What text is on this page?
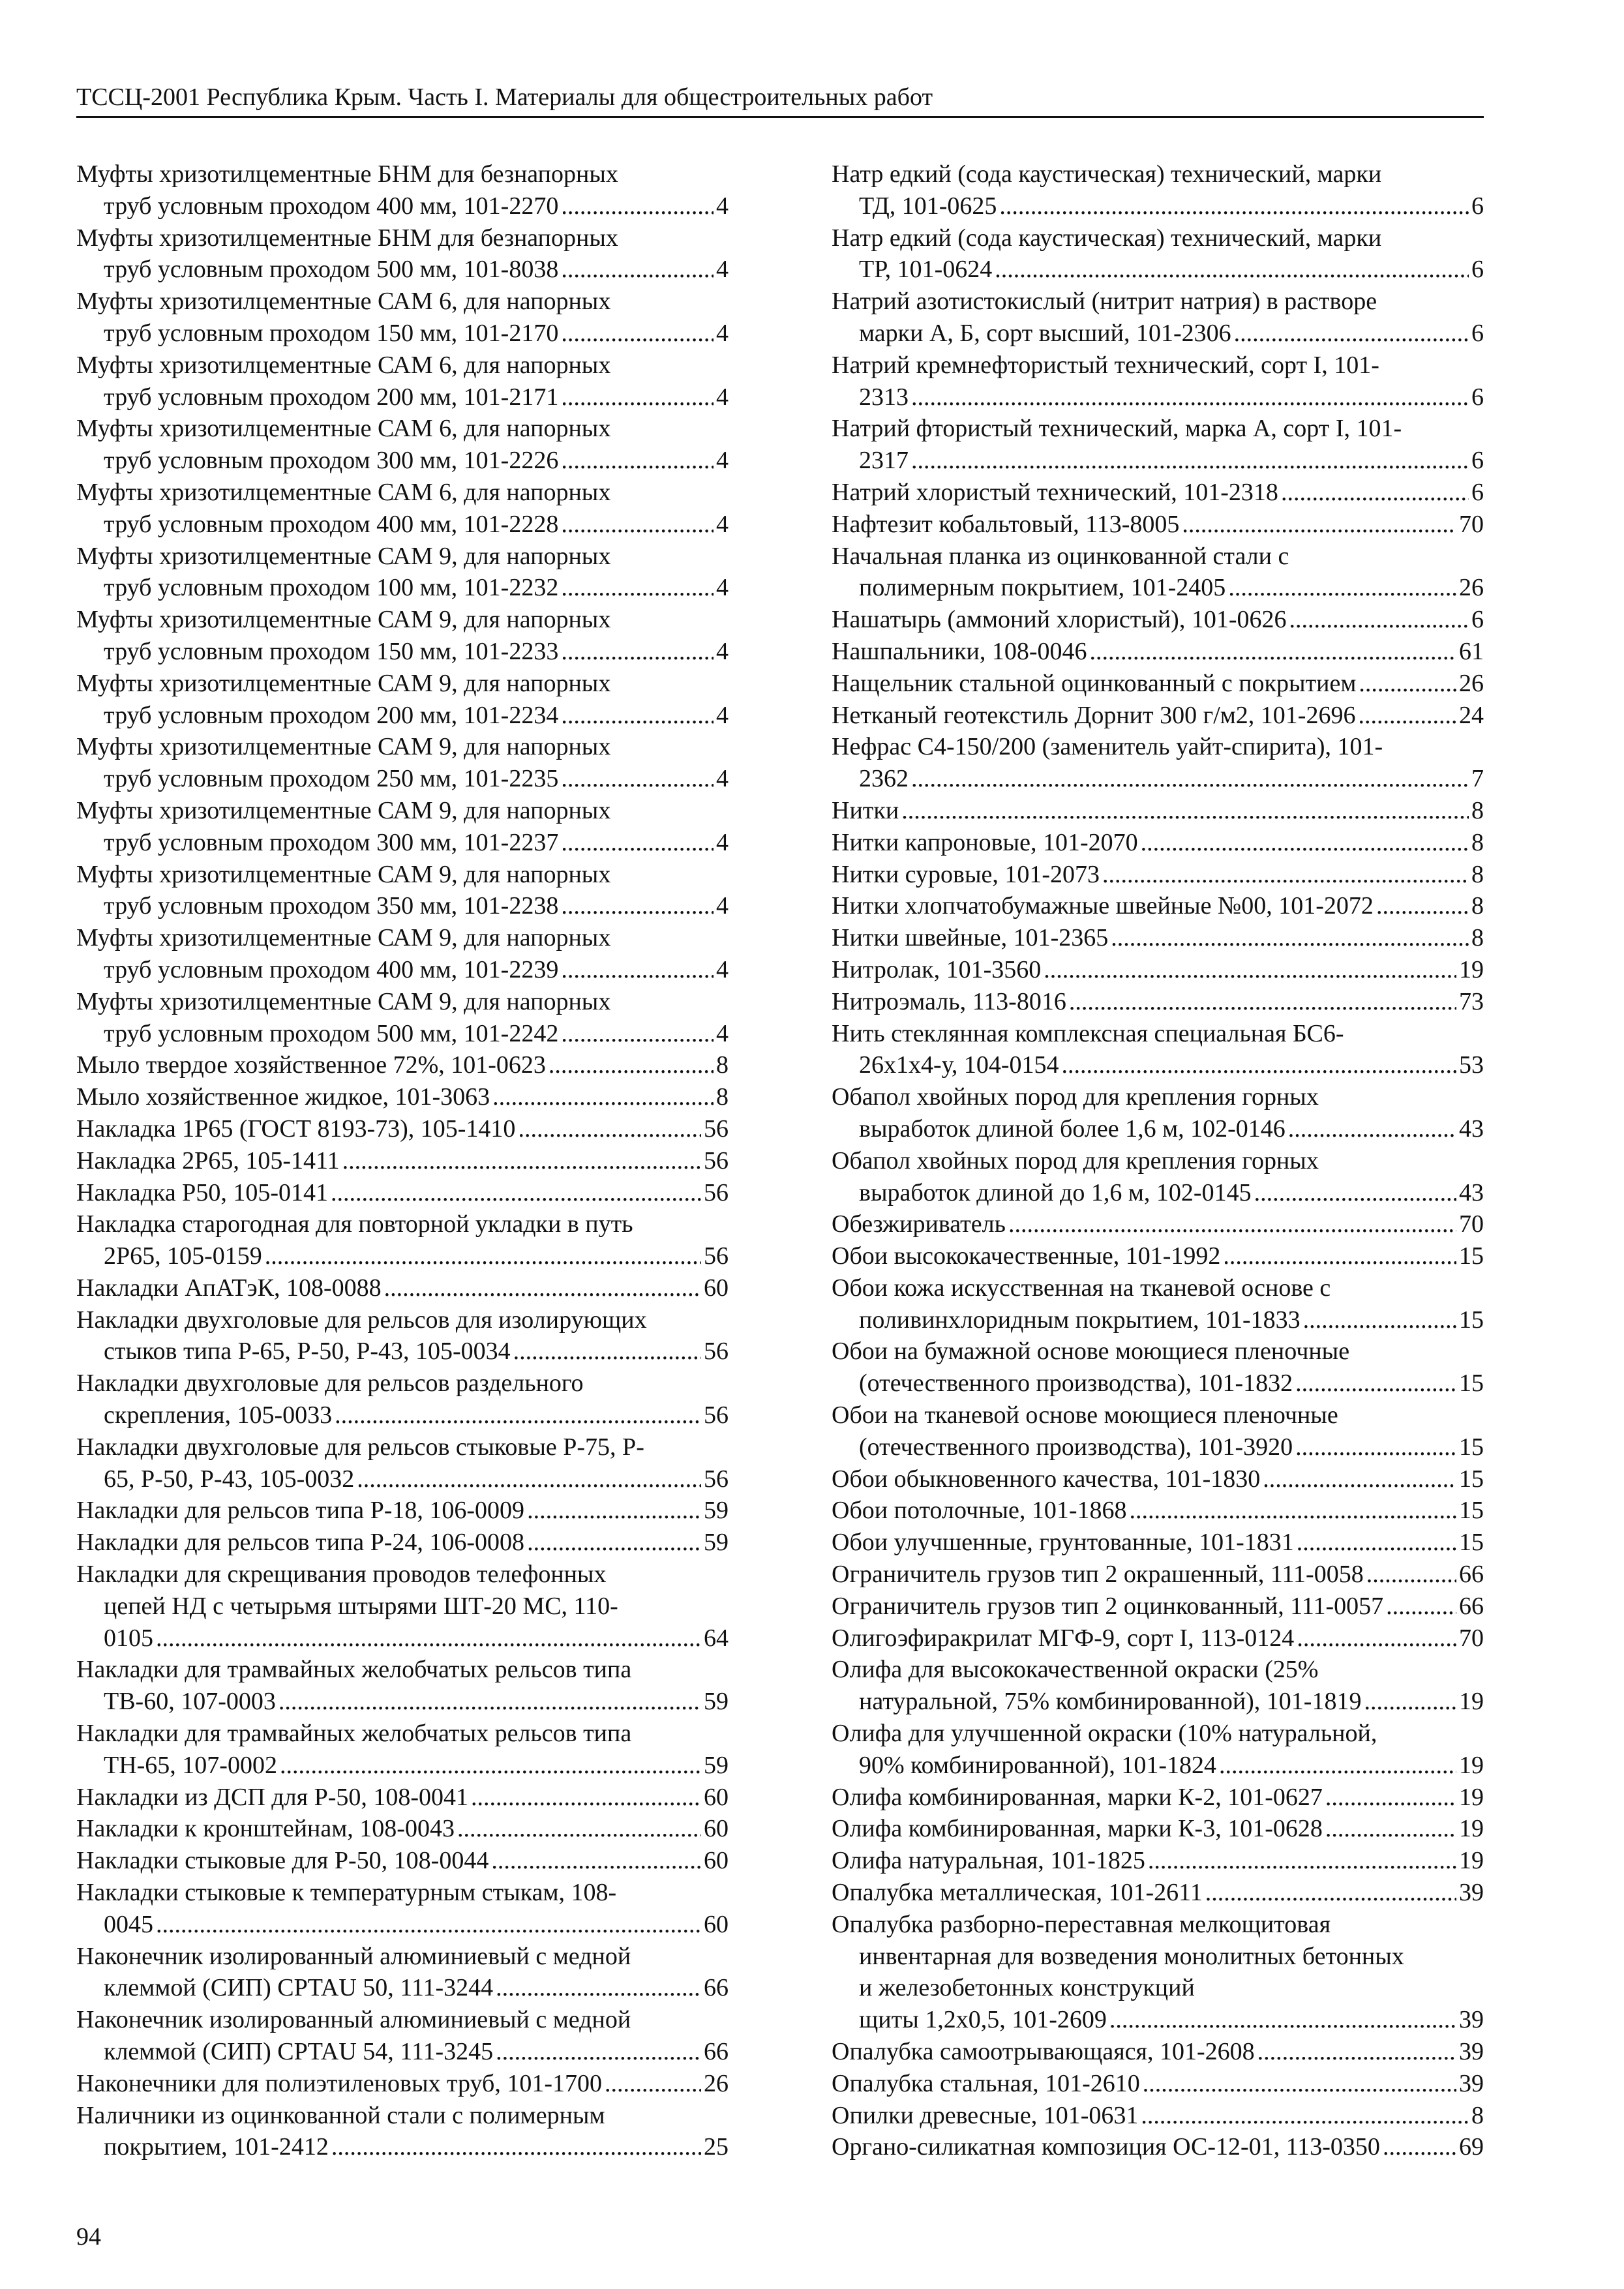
ТССЦ-2001 Республика Крым. Часть I. Материалы для общестроительных работ
Муфты хризотилцементные БНМ для безнапорных
труб условным проходом 400 мм, 101-2270 .....	4
Муфты хризотилцементные БНМ для безнапорных
труб условным проходом 500 мм, 101-8038 .....	4
Муфты хризотилцементные САМ 6, для напорных
труб условным проходом 150 мм, 101-2170 .....	4
Муфты хризотилцементные САМ 6, для напорных
труб условным проходом 200 мм, 101-2171 .....	4
Муфты хризотилцементные САМ 6, для напорных
труб условным проходом 300 мм, 101-2226 .....	4
Муфты хризотилцементные САМ 6, для напорных
труб условным проходом 400 мм, 101-2228 .....	4
Муфты хризотилцементные САМ 9, для напорных
труб условным проходом 100 мм, 101-2232 .....	4
Муфты хризотилцементные САМ 9, для напорных
труб условным проходом 150 мм, 101-2233 .....	4
Муфты хризотилцементные САМ 9, для напорных
труб условным проходом 200 мм, 101-2234 .....	4
Муфты хризотилцементные САМ 9, для напорных
труб условным проходом 250 мм, 101-2235 .....	4
Муфты хризотилцементные САМ 9, для напорных
труб условным проходом 300 мм, 101-2237 .....	4
Муфты хризотилцементные САМ 9, для напорных
труб условным проходом 350 мм, 101-2238 .....	4
Муфты хризотилцементные САМ 9, для напорных
труб условным проходом 400 мм, 101-2239 .....	4
Муфты хризотилцементные САМ 9, для напорных
труб условным проходом 500 мм, 101-2242 .....	4
Мыло твердое хозяйственное 72%, 101-0623 .....	8
Мыло хозяйственное жидкое, 101-3063 .....	8
Накладка 1Р65 (ГОСТ 8193-73), 105-1410 .....	56
Накладка 2Р65, 105-1411 .....	56
Накладка Р50, 105-0141 .....	56
Накладка старогодная для повторной укладки в путь
2Р65, 105-0159 .....	56
Накладки АпАТэК, 108-0088 .....	60
Накладки двухголовые для рельсов для изолирующих
стыков типа Р-65, Р-50, Р-43, 105-0034 .....	56
Накладки двухголовые для рельсов раздельного
скрепления, 105-0033 .....	56
Накладки двухголовые для рельсов стыковые Р-75, Р-
65, Р-50, Р-43, 105-0032 .....	56
Накладки для рельсов типа Р-18, 106-0009 .....	59
Накладки для рельсов типа Р-24, 106-0008 .....	59
Накладки для скрещивания проводов телефонных
цепей НД с четырьмя штырями ШТ-20 МС, 110-
0105 .....	64
Накладки для трамвайных желобчатых рельсов типа
ТВ-60, 107-0003 .....	59
Накладки для трамвайных желобчатых рельсов типа
ТН-65, 107-0002 .....	59
Накладки из ДСП для Р-50, 108-0041 .....	60
Накладки к кронштейнам, 108-0043 .....	60
Накладки стыковые для Р-50, 108-0044 .....	60
Накладки стыковые к температурным стыкам, 108-
0045 .....	60
Наконечник изолированный алюминиевый с медной
клеммой (СИП) CPTAU 50, 111-3244 .....	66
Наконечник изолированный алюминиевый с медной
клеммой (СИП) CPTAU 54, 111-3245 .....	66
Наконечники для полиэтиленовых труб, 101-1700 .....	26
Наличники из оцинкованной стали с полимерным
покрытием, 101-2412 .....	25
Натр едкий (сода каустическая) технический, марки
ТД, 101-0625 .....	6
Натр едкий (сода каустическая) технический, марки
ТР, 101-0624 .....	6
Натрий азотистокислый (нитрит натрия) в растворе
марки А, Б, сорт высший, 101-2306 .....	6
Натрий кремнефтористый технический, сорт I, 101-
2313 .....	6
Натрий фтористый технический, марка А, сорт I, 101-
2317 .....	6
Натрий хлористый технический, 101-2318 .....	6
Нафтезит кобальтовый, 113-8005 .....	70
Начальная планка из оцинкованной стали с
полимерным покрытием, 101-2405 .....	26
Нашатырь (аммоний хлористый), 101-0626 .....	6
Нашпальники, 108-0046 .....	61
Нащельник стальной оцинкованный с покрытием .....	26
Нетканый геотекстиль Дорнит 300 г/м2, 101-2696 .....	24
Нефрас С4-150/200 (заменитель уайт-спирита), 101-
2362 .....	7
Нитки .....	8
Нитки капроновые, 101-2070 .....	8
Нитки суровые, 101-2073 .....	8
Нитки хлопчатобумажные швейные №00, 101-2072 .....	8
Нитки швейные, 101-2365 .....	8
Нитролак, 101-3560 .....	19
Нитроэмаль, 113-8016 .....	73
Нить стеклянная комплексная специальная БС6-
26х1х4-у, 104-0154 .....	53
Обапол хвойных пород для крепления горных
выработок длиной более 1,6 м, 102-0146 .....	43
Обапол хвойных пород для крепления горных
выработок длиной до 1,6 м, 102-0145 .....	43
Обезжириватель .....	70
Обои высококачественные, 101-1992 .....	15
Обои кожа искусственная на тканевой основе с
поливинхлоридным покрытием, 101-1833 .....	15
Обои на бумажной основе моющиеся пленочные
(отечественного производства), 101-1832 .....	15
Обои на тканевой основе моющиеся пленочные
(отечественного производства), 101-3920 .....	15
Обои обыкновенного качества, 101-1830 .....	15
Обои потолочные, 101-1868 .....	15
Обои улучшенные, грунтованные, 101-1831 .....	15
Ограничитель грузов тип 2 окрашенный, 111-0058 .....	66
Ограничитель грузов тип 2 оцинкованный, 111-0057 .....	66
Олигоэфиракрилат МГФ-9, сорт I, 113-0124 .....	70
Олифа для высококачественной окраски (25%
натуральной, 75% комбинированной), 101-1819 .....	19
Олифа для улучшенной окраски (10% натуральной,
90% комбинированной), 101-1824 .....	19
Олифа комбинированная, марки К-2, 101-0627 .....	19
Олифа комбинированная, марки К-3, 101-0628 .....	19
Олифа натуральная, 101-1825 .....	19
Опалубка металлическая, 101-2611 .....	39
Опалубка разборно-переставная мелкощитовая
инвентарная для возведения монолитных бетонных
и железобетонных конструкций
щиты 1,2х0,5, 101-2609 .....	39
Опалубка самоотрывающаяся, 101-2608 .....	39
Опалубка стальная, 101-2610 .....	39
Опилки древесные, 101-0631 .....	8
Органо-силикатная композиция ОС-12-01, 113-0350 .....	69
94
